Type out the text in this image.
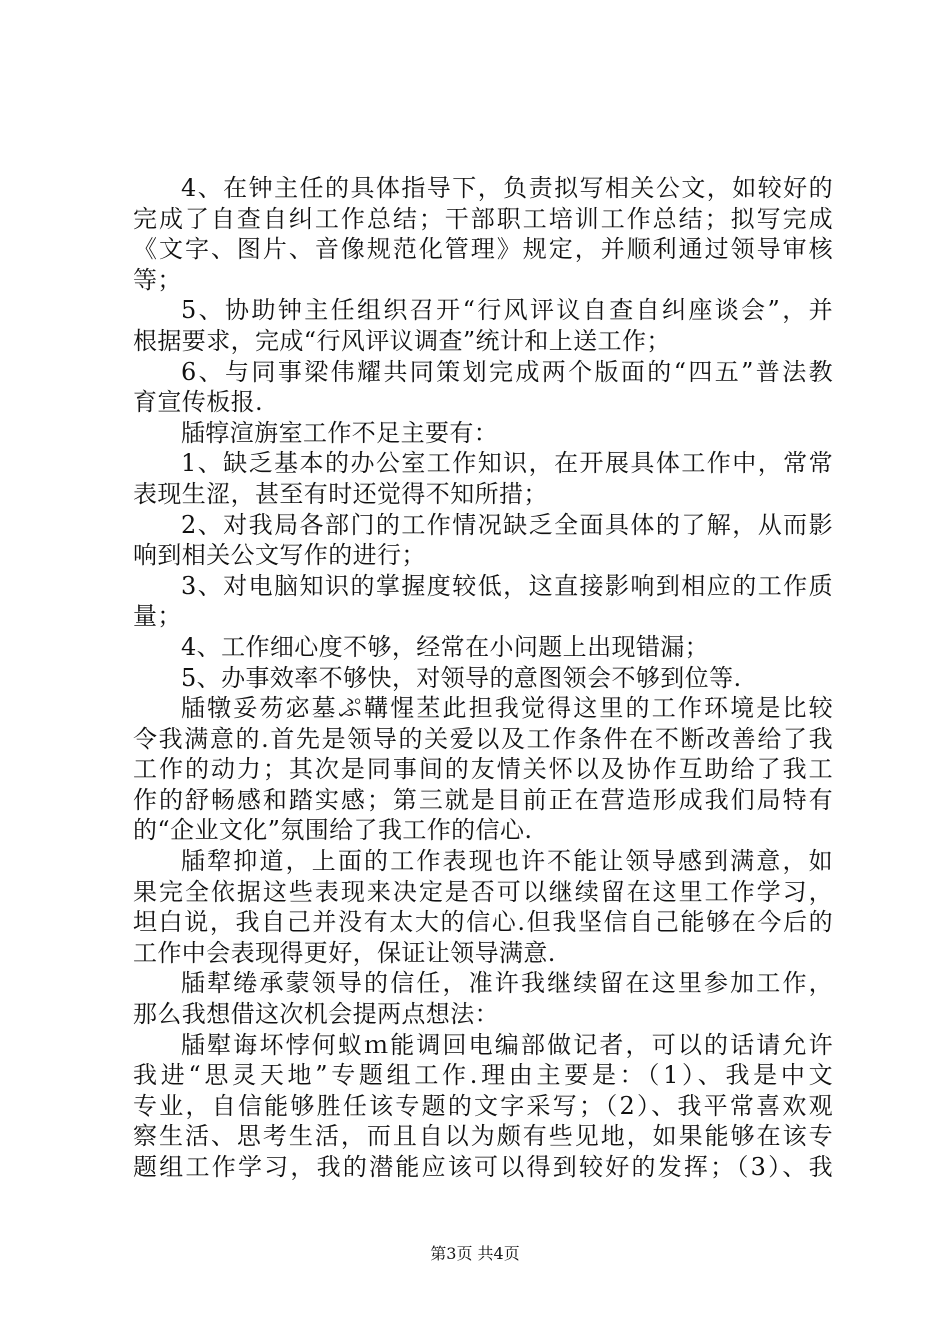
4、在钟主任的具体指导下，负责拟写相关公文，如较好的
完成了自查自纠工作总结；干部职工培训工作总结；拟写完成
《文字、图片、音像规范化管理》规定，并顺利通过领导审核
等；
5、协助钟主任组织召开“行风评议自查自纠座谈会”，并
根据要求，完成“行风评议调查”统计和上送工作；
6、与同事梁伟耀共同策划完成两个版面的“四五”普法教
育宣传板报.
牐犉渲旃室工作不足主要有：
1、缺乏基本的办公室工作知识，在开展具体工作中，常常
表现生涩，甚至有时还觉得不知所措；
2、对我局各部门的工作情况缺乏全面具体的了解，从而影
响到相关公文写作的进行；
3、对电脑知识的掌握度较低，这直接影响到相应的工作质
量；
4、工作细心度不够，经常在小问题上出现错漏；
5、办事效率不够快，对领导的意图领会不够到位等.
牐犜妥芴宓墓ぷ鞲惺苤此担我觉得这里的工作环境是比较
令我满意的.首先是领导的关爱以及工作条件在不断改善给了我
工作的动力；其次是同事间的友情关怀以及协作互助给了我工
作的舒畅感和踏实感；第三就是目前正在营造形成我们局特有
的“企业文化”氛围给了我工作的信心.
牐犂抑道，上面的工作表现也许不能让领导感到满意，如
果完全依据这些表现来决定是否可以继续留在这里工作学习，
坦白说，我自己并没有太大的信心.但我坚信自己能够在今后的
工作中会表现得更好，保证让领导满意.
牐犎绻承蒙领导的信任，准许我继续留在这里参加工作，
那么我想借这次机会提两点想法：
牐犚诲坏悖何蚁ｍ能调回电编部做记者，可以的话请允许
我进“思灵天地”专题组工作.理由主要是：（1）、我是中文
专业，自信能够胜任该专题的文字采写；（2）、我平常喜欢观
察生活、思考生活，而且自以为颇有些见地，如果能够在该专
题组工作学习，我的潜能应该可以得到较好的发挥；（3）、我
第3页 共4页
